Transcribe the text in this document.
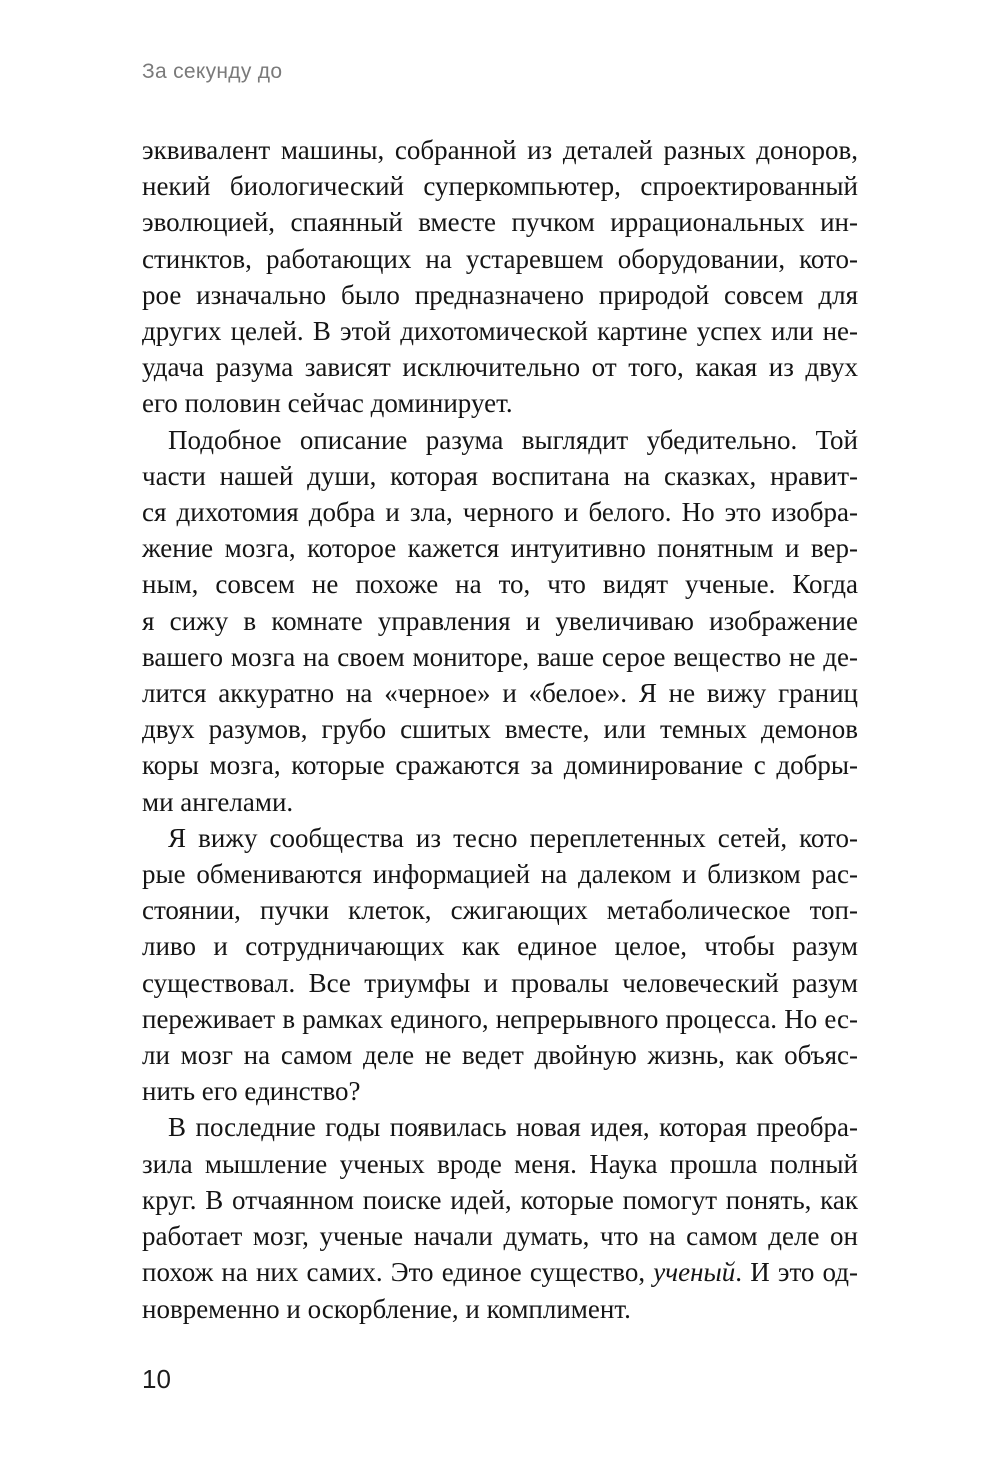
За секунду до

эквивалент машины, собранной из деталей разных доноров,
некий биологический суперкомпьютер, спроектированный
эволюцией, спаянный вместе пучком иррациональных ин-
стинктов, работающих на устаревшем оборудовании, кото-
рое изначально было предназначено природой совсем для
других целей. В этой дихотомической картине успех или не-
удача разума зависят исключительно от того, какая из двух
его половин сейчас доминирует.

Подобное описание разума выглядит убедительно. Той
части нашей души, которая воспитана на сказках, нравит-
ся дихотомия добра и зла, черного и белого. Но это изобра-
жение мозга, которое кажется интуитивно понятным и вер-
ным, совсем не похоже на то, что видят ученые. Когда
я сижу в комнате управления и увеличиваю изображение
вашего мозга на своем мониторе, ваше серое вещество не де-
лится аккуратно на «черное» и «белое». Я не вижу границ
двух разумов, грубо сшитых вместе, или темных демонов
коры мозга, которые сражаются за доминирование с добры-
ми ангелами.

Я вижу сообщества из тесно переплетенных сетей, кото-
рые обмениваются информацией на далеком и близком рас-
стоянии, пучки клеток, сжигающих метаболическое топ-
ливо и сотрудничающих как единое целое, чтобы разум
существовал. Все триумфы и провалы человеческий разум
переживает в рамках единого, непрерывного процесса. Но ес-
ли мозг на самом деле не ведет двойную жизнь, как объяс-
нить его единство?

В последние годы появилась новая идея, которая преобра-
зила мышление ученых вроде меня. Наука прошла полный
круг. В отчаянном поиске идей, которые помогут понять, как
работает мозг, ученые начали думать, что на самом деле он
похож на них самих. Это единое существо, ученый. И это од-
новременно и оскорбление, и комплимент.

10
